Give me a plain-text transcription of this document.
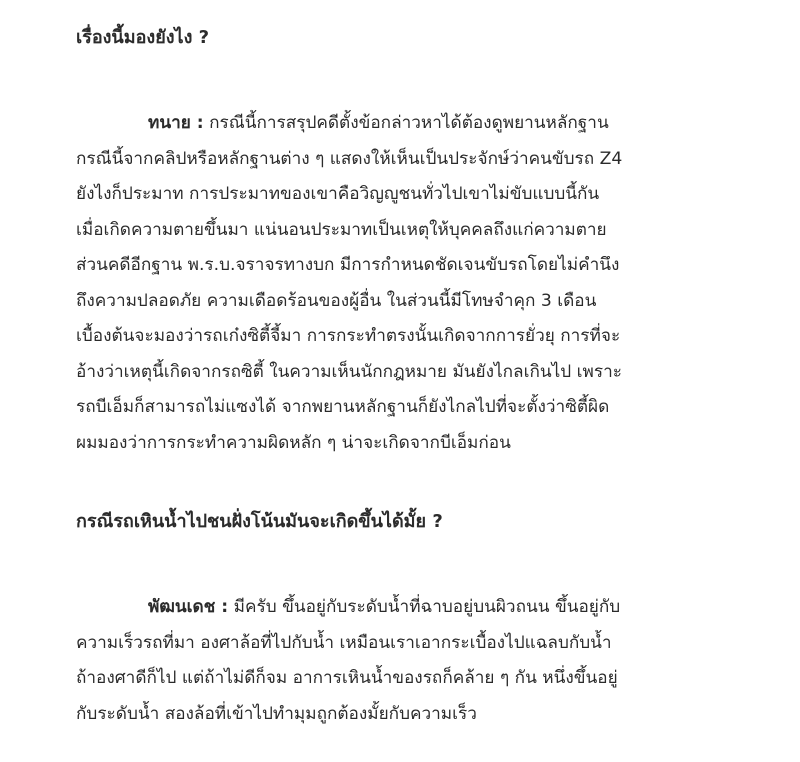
เรื่องนี้มองยังไง ?

ทนาย : กรณีนี้การสรุปคดีตั้งข้อกล่าวหาได้ต้องดูพยานหลักฐาน
กรณีนี้จากคลิปหรือหลักฐานต่าง ๆ แสดงให้เห็นเป็นประจักษ์ว่าคนขับรถ Z4
ยังไงก็ประมาท การประมาทของเขาคือวิญญูชนทั่วไปเขาไม่ขับแบบนี้กัน
เมื่อเกิดความตายขึ้นมา แน่นอนประมาทเป็นเหตุให้บุคคลถึงแก่ความตาย
ส่วนคดีอีกฐาน พ.ร.บ.จราจรทางบก มีการกำหนดชัดเจนขับรถโดยไม่คำนึง
ถึงความปลอดภัย ความเดือดร้อนของผู้อื่น ในส่วนนี้มีโทษจำคุก 3 เดือน
เบื้องต้นจะมองว่ารถเก๋งซิตี้จี้มา การกระทำตรงนั้นเกิดจากการยั่วยุ การที่จะ
อ้างว่าเหตุนี้เกิดจากรถซิตี้ ในความเห็นนักกฎหมาย มันยังไกลเกินไป เพราะ
รถบีเอ็มก็สามารถไม่แซงได้ จากพยานหลักฐานก็ยังไกลไปที่จะตั้งว่าซิตี้ผิด
ผมมองว่าการกระทำความผิดหลัก ๆ น่าจะเกิดจากบีเอ็มก่อน

กรณีรถเหินน้ำไปชนฝั่งโน้นมันจะเกิดขึ้นได้มั้ย ?

พัฒนเดช : มีครับ ขึ้นอยู่กับระดับน้ำที่ฉาบอยู่บนผิวถนน ขึ้นอยู่กับ
ความเร็วรถที่มา องศาล้อที่ไปกับน้ำ เหมือนเราเอากระเบื้องไปแฉลบกับน้ำ
ถ้าองศาดีก็ไป แต่ถ้าไม่ดีก็จม อาการเหินน้ำของรถก็คล้าย ๆ กัน หนึ่งขึ้นอยู่
กับระดับน้ำ สองล้อที่เข้าไปทำมุมถูกต้องมั้ยกับความเร็ว
